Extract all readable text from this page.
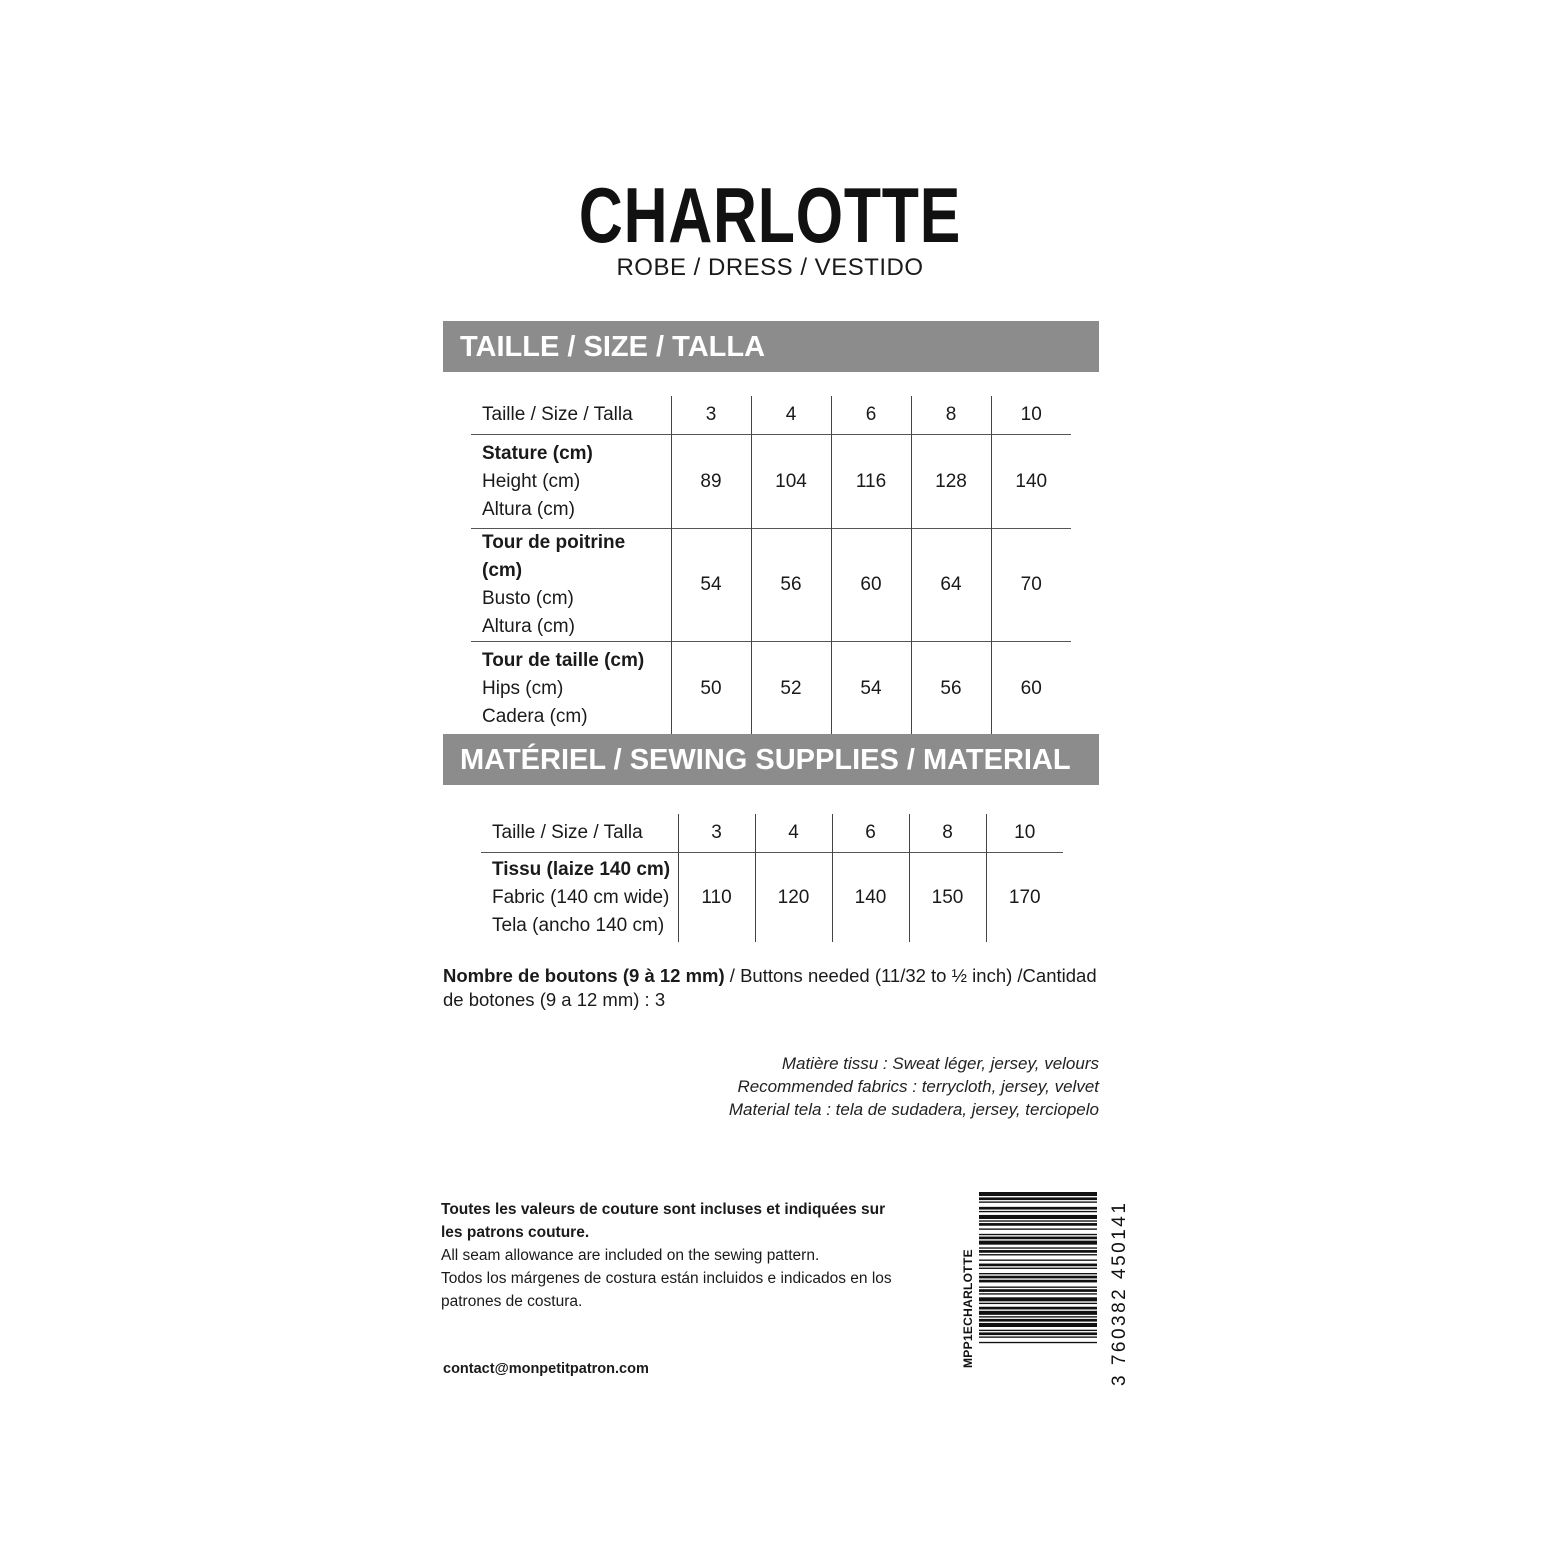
CHARLOTTE
ROBE / DRESS / VESTIDO
TAILLE / SIZE / TALLA
Taille / Size / Talla	3	4	6	8	10

Stature (cm)
Height (cm)
Altura (cm)	89	104	116	128	140

Tour de poitrine (cm)
Busto (cm)
Altura (cm)	54	56	60	64	70

Tour de taille (cm)
Hips (cm)
Cadera (cm)	50	52	54	56	60
MATÉRIEL / SEWING SUPPLIES / MATERIAL
Taille / Size / Talla	3	4	6	8	10

Tissu (laize 140 cm)
Fabric (140 cm wide)
Tela (ancho 140 cm)	110	120	140	150	170
Nombre de boutons (9 à 12 mm) / Buttons needed (11/32 to ½ inch) /Cantidad de botones (9 a 12 mm) : 3
Matière tissu : Sweat léger, jersey, velours
Recommended fabrics : terrycloth, jersey, velvet
Material tela : tela de sudadera, jersey, terciopelo
Toutes les valeurs de couture sont incluses et indiquées sur les patrons couture.
All seam allowance are included on the sewing pattern.
Todos los márgenes de costura están incluidos e indicados en los patrones de costura.
contact@monpetitpatron.com
MPP1ECHARLOTTE	3 760382 450141
